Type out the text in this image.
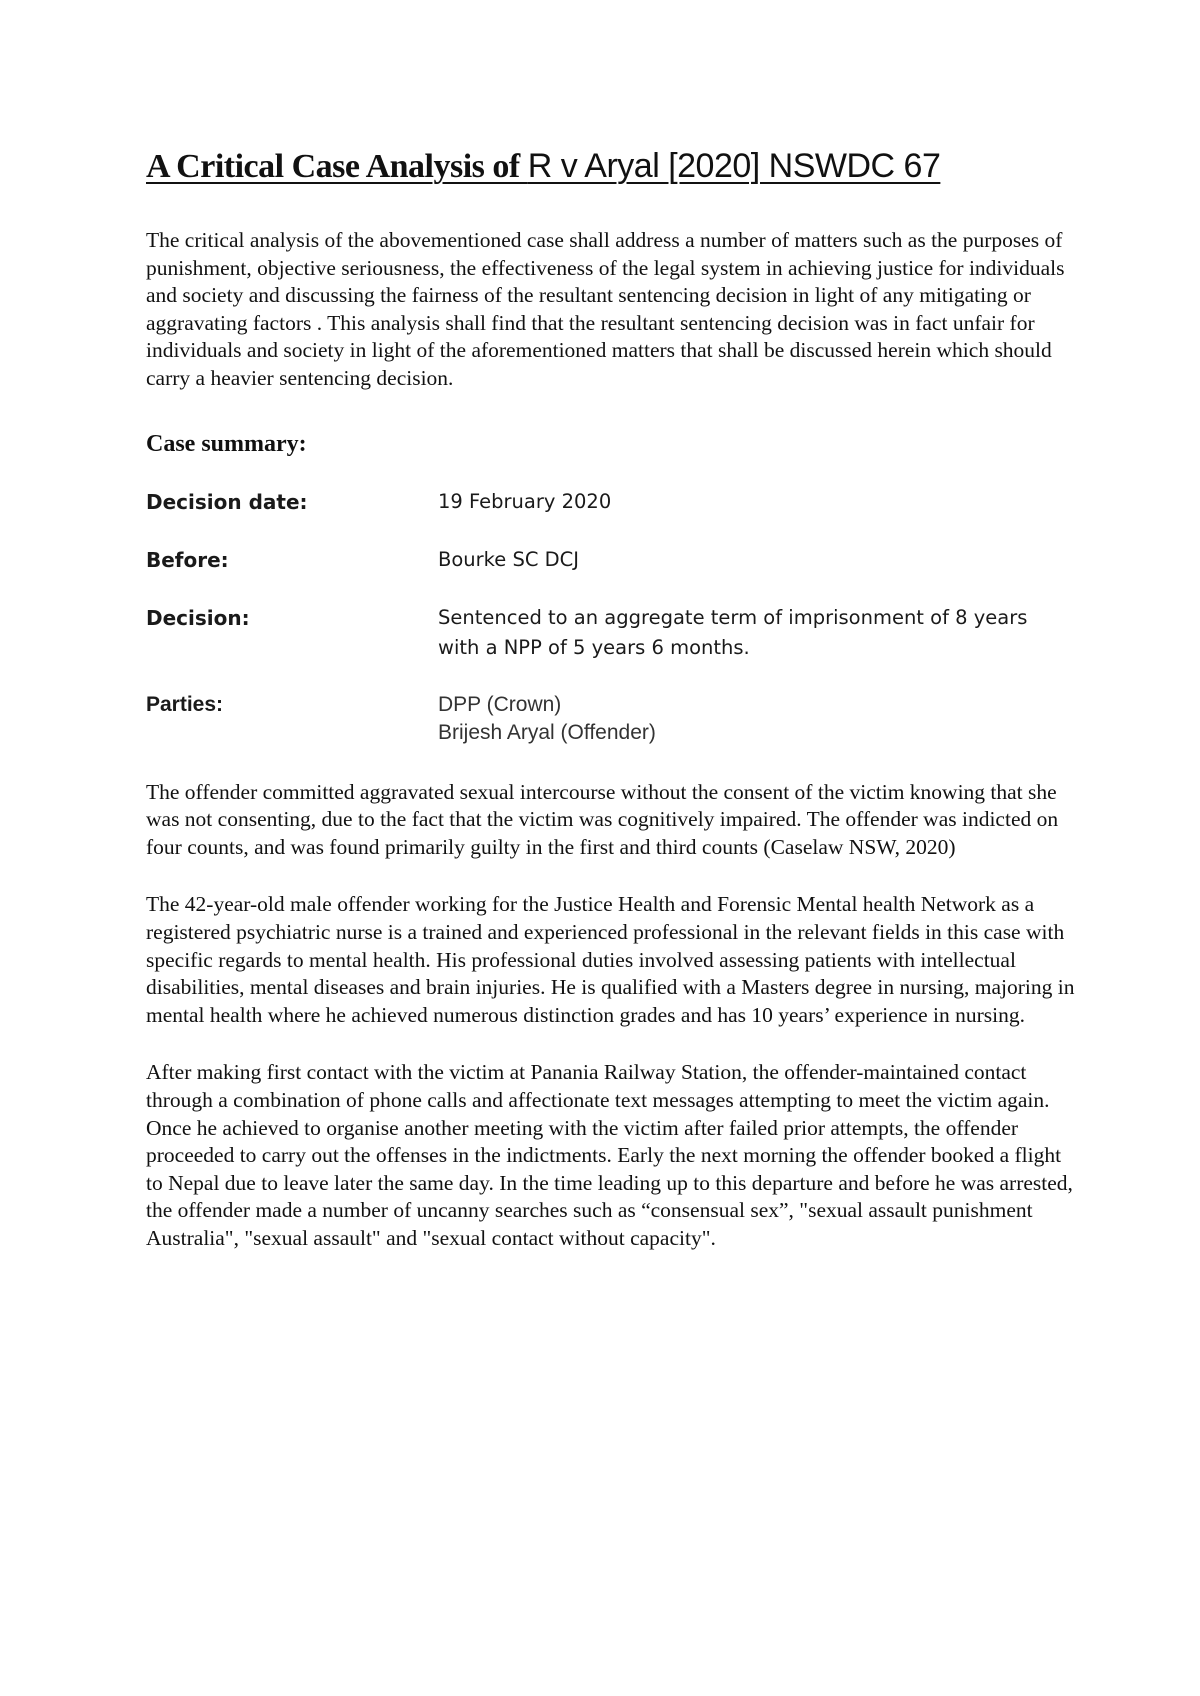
A Critical Case Analysis of R v Aryal [2020] NSWDC 67

The critical analysis of the abovementioned case shall address a number of matters such as the purposes of punishment, objective seriousness, the effectiveness of the legal system in achieving justice for individuals and society and discussing the fairness of the resultant sentencing decision in light of any mitigating or aggravating factors . This analysis shall find that the resultant sentencing decision was in fact unfair for individuals and society in light of the aforementioned matters that shall be discussed herein which should carry a heavier sentencing decision.

Case summary:
Decision date:	19 February 2020
Before:	Bourke SC DCJ
Decision:	Sentenced to an aggregate term of imprisonment of 8 years
with a NPP of 5 years 6 months.
Parties:	DPP (Crown)
Brijesh Aryal (Offender)

The offender committed aggravated sexual intercourse without the consent of the victim knowing that she was not consenting, due to the fact that the victim was cognitively impaired. The offender was indicted on four counts, and was found primarily guilty in the first and third counts (Caselaw NSW, 2020)

The 42-year-old male offender working for the Justice Health and Forensic Mental health Network as a registered psychiatric nurse is a trained and experienced professional in the relevant fields in this case with specific regards to mental health. His professional duties involved assessing patients with intellectual disabilities, mental diseases and brain injuries. He is qualified with a Masters degree in nursing, majoring in mental health where he achieved numerous distinction grades and has 10 years’ experience in nursing.

After making first contact with the victim at Panania Railway Station, the offender-maintained contact through a combination of phone calls and affectionate text messages attempting to meet the victim again. Once he achieved to organise another meeting with the victim after failed prior attempts, the offender proceeded to carry out the offenses in the indictments. Early the next morning the offender booked a flight to Nepal due to leave later the same day. In the time leading up to this departure and before he was arrested, the offender made a number of uncanny searches such as “consensual sex”, "sexual assault punishment Australia", "sexual assault" and "sexual contact without capacity".
